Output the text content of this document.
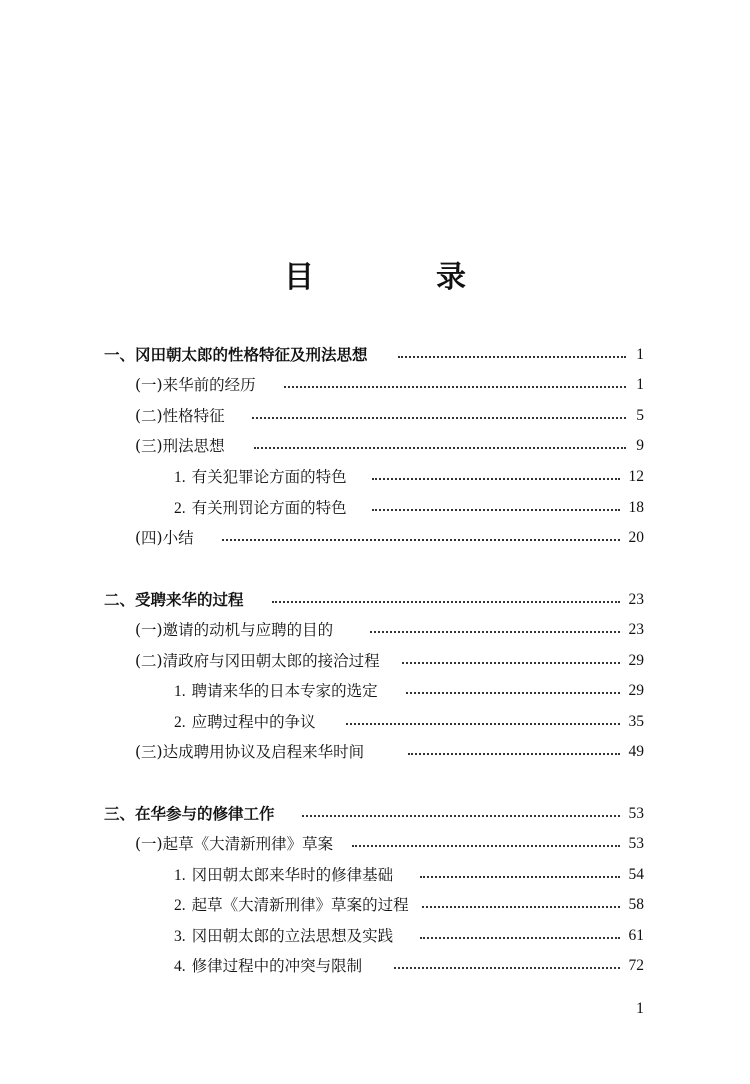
目　录
一、冈田朝太郎的性格特征及刑法思想	1
(一)来华前的经历	1
(二)性格特征	5
(三)刑法思想	9
1. 有关犯罪论方面的特色	12
2. 有关刑罚论方面的特色	18
(四)小结	20
二、受聘来华的过程	23
(一)邀请的动机与应聘的目的	23
(二)清政府与冈田朝太郎的接洽过程	29
1. 聘请来华的日本专家的选定	29
2. 应聘过程中的争议	35
(三)达成聘用协议及启程来华时间	49
三、在华参与的修律工作	53
(一)起草《大清新刑律》草案	53
1. 冈田朝太郎来华时的修律基础	54
2. 起草《大清新刑律》草案的过程	58
3. 冈田朝太郎的立法思想及实践	61
4. 修律过程中的冲突与限制	72
1
